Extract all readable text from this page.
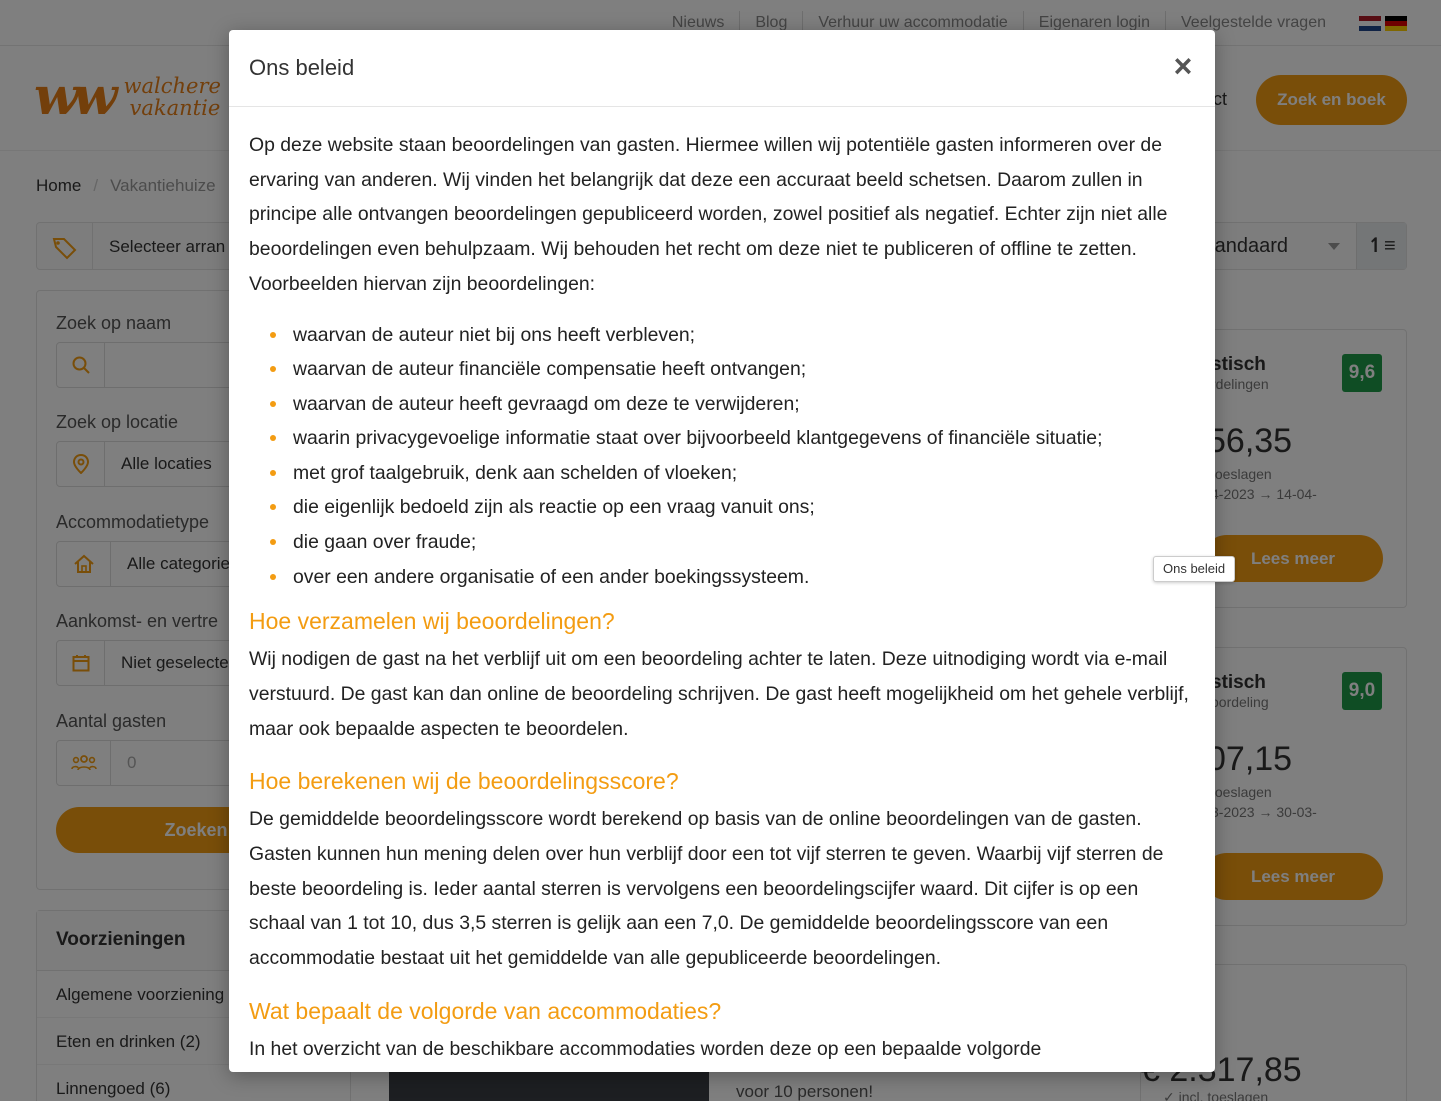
Ons beleid	×

Op deze website staan beoordelingen van gasten. Hiermee willen wij potentiële gasten informeren over de ervaring van anderen. Wij vinden het belangrijk dat deze een accuraat beeld schetsen. Daarom zullen in principe alle ontvangen beoordelingen gepubliceerd worden, zowel positief als negatief. Echter zijn niet alle beoordelingen even behulpzaam. Wij behouden het recht om deze niet te publiceren of offline te zetten. Voorbeelden hiervan zijn beoordelingen:

waarvan de auteur niet bij ons heeft verbleven;
waarvan de auteur financiële compensatie heeft ontvangen;
waarvan de auteur heeft gevraagd om deze te verwijderen;
waarin privacygevoelige informatie staat over bijvoorbeeld klantgegevens of financiële situatie;
met grof taalgebruik, denk aan schelden of vloeken;
die eigenlijk bedoeld zijn als reactie op een vraag vanuit ons;
die gaan over fraude;
over een andere organisatie of een ander boekingssysteem.
Hoe verzamelen wij beoordelingen?

Wij nodigen de gast na het verblijf uit om een beoordeling achter te laten. Deze uitnodiging wordt via e-mail verstuurd. De gast kan dan online de beoordeling schrijven. De gast heeft mogelijkheid om het gehele verblijf, maar ook bepaalde aspecten te beoordelen.

Hoe berekenen wij de beoordelingsscore?

De gemiddelde beoordelingsscore wordt berekend op basis van de online beoordelingen van de gasten. Gasten kunnen hun mening delen over hun verblijf door een tot vijf sterren te geven. Waarbij vijf sterren de beste beoordeling is. Ieder aantal sterren is vervolgens een beoordelingscijfer waard. Dit cijfer is op een schaal van 1 tot 10, dus 3,5 sterren is gelijk aan een 7,0. De gemiddelde beoordelingsscore van een accommodatie bestaat uit het gemiddelde van alle gepubliceerde beoordelingen.

Wat bepaalt de volgorde van accommodaties?

In het overzicht van de beschikbare accommodaties worden deze op een bepaalde volgorde

Ons beleid
